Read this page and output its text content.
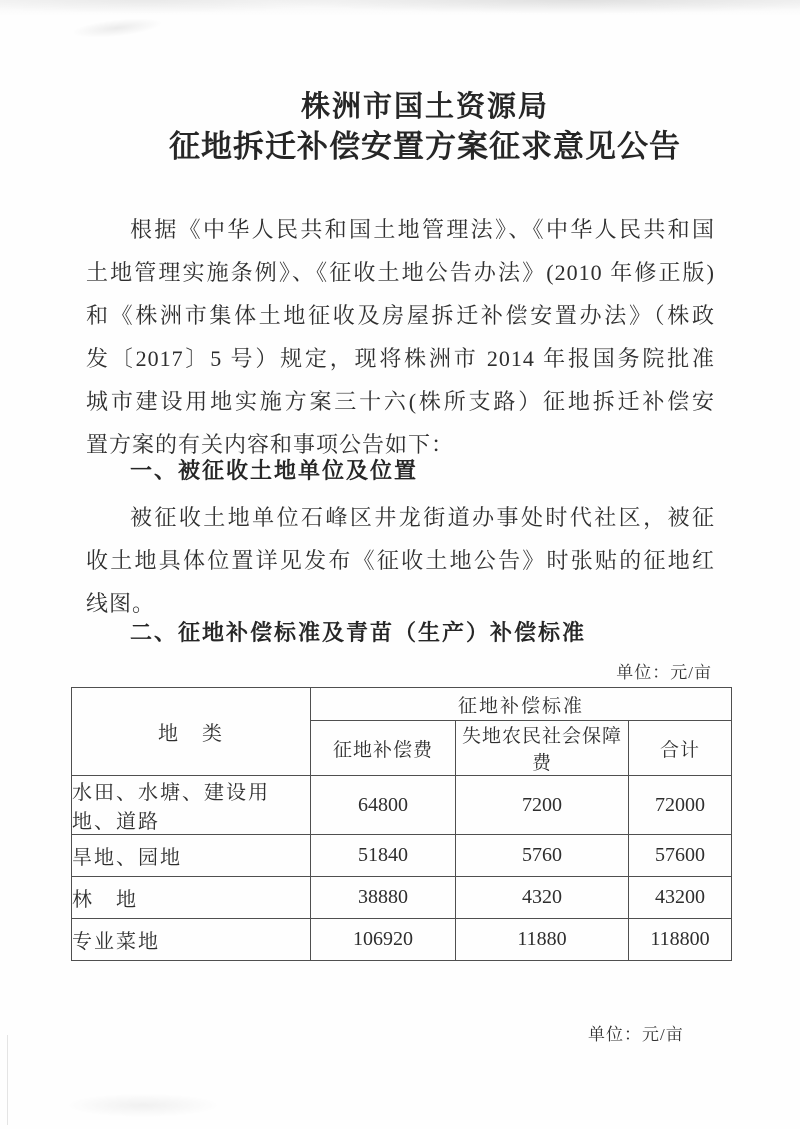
株洲市国土资源局
征地拆迁补偿安置方案征求意见公告
根据《中华人民共和国土地管理法》、《中华人民共和国
土地管理实施条例》、《征收土地公告办法》(2010 年修正版)
和《株洲市集体土地征收及房屋拆迁补偿安置办法》（株政
发〔2017〕5 号）规定，现将株洲市 2014 年报国务院批准
城市建设用地实施方案三十六(株所支路）征地拆迁补偿安
置方案的有关内容和事项公告如下：
一、被征收土地单位及位置
被征收土地单位石峰区井龙街道办事处时代社区，被征
收土地具体位置详见发布《征收土地公告》时张贴的征地红
线图。
二、征地补偿标准及青苗（生产）补偿标准
单位：元/亩
地　类	征地补偿标准		
	征地补偿费	失地农民社会保障费	合计
水田、水塘、建设用地、道路	64800	7200	72000
旱地、园地	51840	5760	57600
林　地	38880	4320	43200
专业菜地	106920	11880	118800
单位：元/亩
